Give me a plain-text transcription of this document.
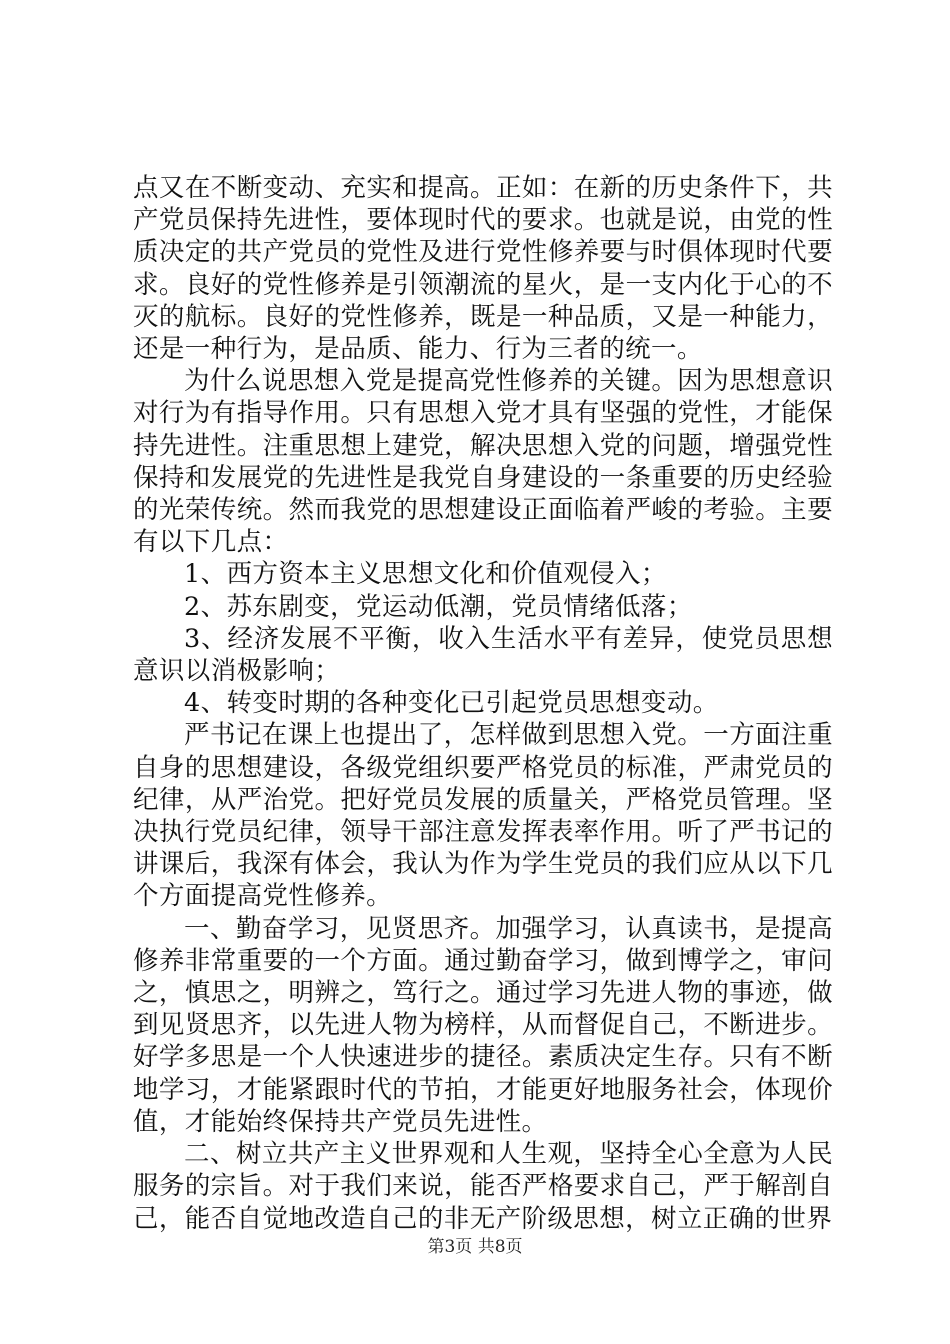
点又在不断变动、充实和提高。正如：在新的历史条件下，共产党员保持先进性，要体现时代的要求。也就是说，由党的性质决定的共产党员的党性及进行党性修养要与时俱体现时代要求。良好的党性修养是引领潮流的星火，是一支内化于心的不灭的航标。良好的党性修养，既是一种品质，又是一种能力，还是一种行为，是品质、能力、行为三者的统一。

为什么说思想入党是提高党性修养的关键。因为思想意识对行为有指导作用。只有思想入党才具有坚强的党性，才能保持先进性。注重思想上建党，解决思想入党的问题，增强党性保持和发展党的先进性是我党自身建设的一条重要的历史经验的光荣传统。然而我党的思想建设正面临着严峻的考验。主要有以下几点：

1、西方资本主义思想文化和价值观侵入；

2、苏东剧变，党运动低潮，党员情绪低落；

3、经济发展不平衡，收入生活水平有差异，使党员思想意识以消极影响；

4、转变时期的各种变化已引起党员思想变动。

严书记在课上也提出了，怎样做到思想入党。一方面注重自身的思想建设，各级党组织要严格党员的标准，严肃党员的纪律，从严治党。把好党员发展的质量关，严格党员管理。坚决执行党员纪律，领导干部注意发挥表率作用。听了严书记的讲课后，我深有体会，我认为作为学生党员的我们应从以下几个方面提高党性修养。

一、勤奋学习，见贤思齐。加强学习，认真读书，是提高修养非常重要的一个方面。通过勤奋学习，做到博学之，审问之，慎思之，明辨之，笃行之。通过学习先进人物的事迹，做到见贤思齐，以先进人物为榜样，从而督促自己，不断进步。好学多思是一个人快速进步的捷径。素质决定生存。只有不断地学习，才能紧跟时代的节拍，才能更好地服务社会，体现价值，才能始终保持共产党员先进性。

二、树立共产主义世界观和人生观，坚持全心全意为人民服务的宗旨。对于我们来说，能否严格要求自己，严于解剖自己，能否自觉地改造自己的非无产阶级思想，树立正确的世界

第3页 共8页
